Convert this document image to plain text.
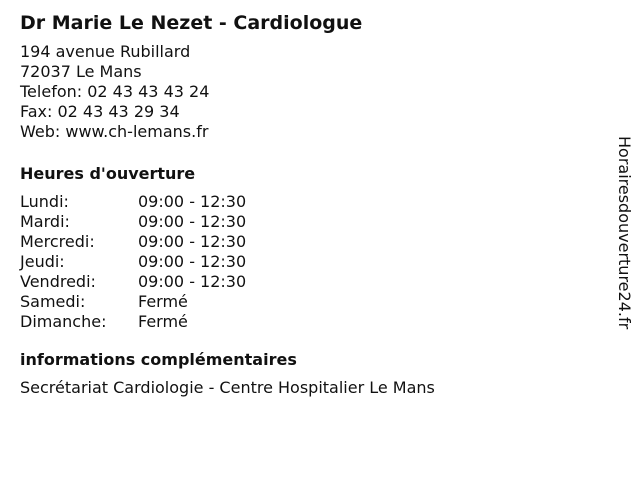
Dr Marie Le Nezet - Cardiologue
194 avenue Rubillard
72037 Le Mans
Telefon: 02 43 43 43 24
Fax: 02 43 43 29 34
Web: www.ch-lemans.fr
Heures d'ouverture
Lundi:	09:00 - 12:30
Mardi:	09:00 - 12:30
Mercredi:	09:00 - 12:30
Jeudi:	09:00 - 12:30
Vendredi:	09:00 - 12:30
Samedi:	Fermé
Dimanche:	Fermé
informations complémentaires
Secrétariat Cardiologie - Centre Hospitalier Le Mans
Horairesdouverture24.fr
